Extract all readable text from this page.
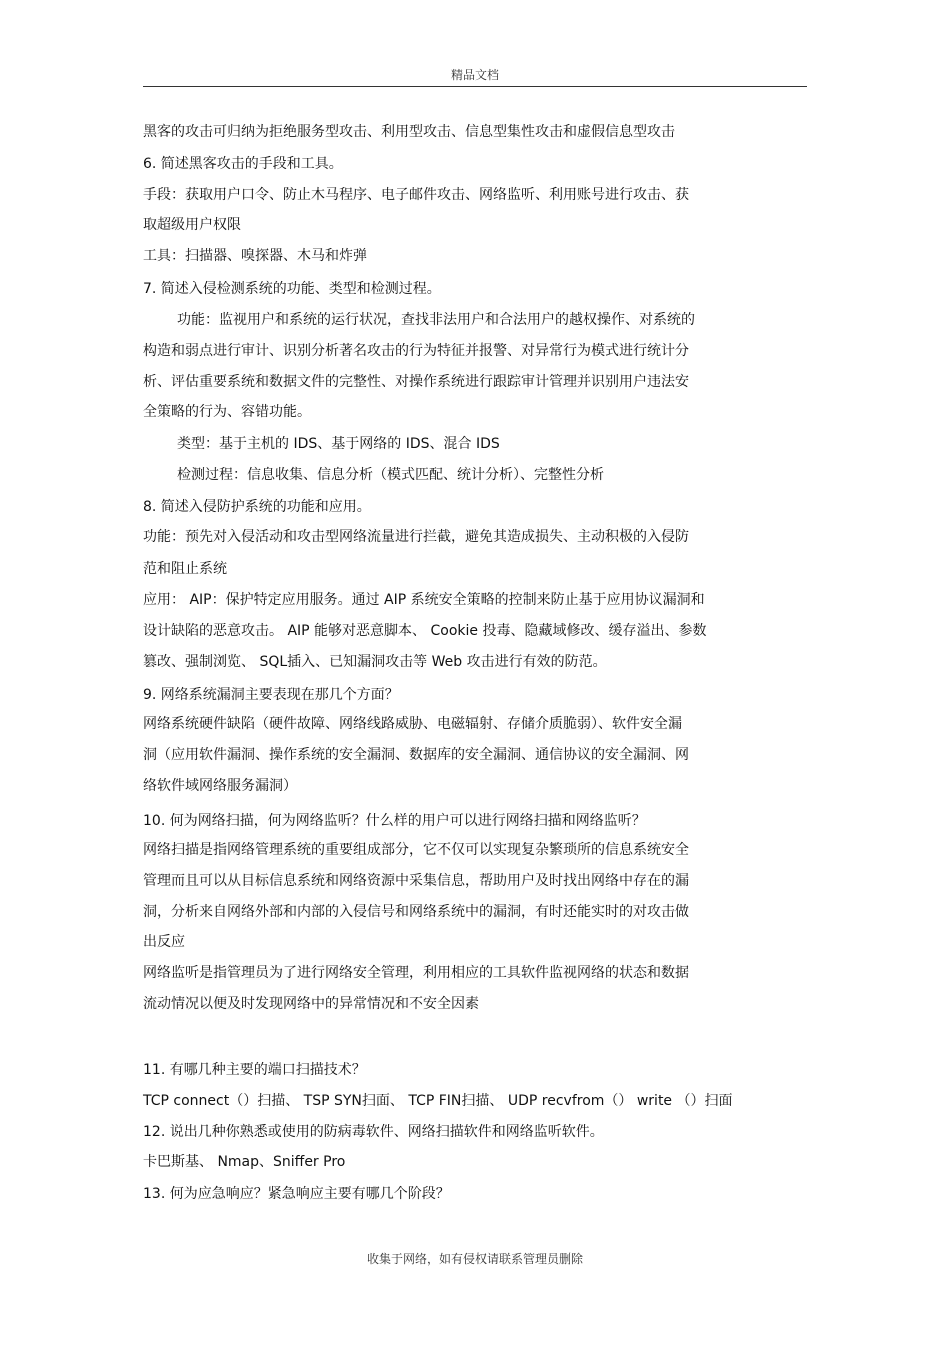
精品文档
黑客的攻击可归纳为拒绝服务型攻击、利用型攻击、信息型集性攻击和虚假信息型攻击
6. 简述黑客攻击的手段和工具。
手段：获取用户口令、防止木马程序、电子邮件攻击、网络监听、利用账号进行攻击、获
取超级用户权限
工具：扫描器、嗅探器、木马和炸弹
7. 简述入侵检测系统的功能、类型和检测过程。
功能：监视用户和系统的运行状况，查找非法用户和合法用户的越权操作、对系统的
构造和弱点进行审计、识别分析著名攻击的行为特征并报警、对异常行为模式进行统计分
析、评估重要系统和数据文件的完整性、对操作系统进行跟踪审计管理并识别用户违法安
全策略的行为、容错功能。
类型：基于主机的 IDS、基于网络的 IDS、混合 IDS
检测过程：信息收集、信息分析（模式匹配、统计分析）、完整性分析
8. 简述入侵防护系统的功能和应用。
功能：预先对入侵活动和攻击型网络流量进行拦截，避免其造成损失、主动积极的入侵防
范和阻止系统
应用： AIP：保护特定应用服务。通过 AIP 系统安全策略的控制来防止基于应用协议漏洞和
设计缺陷的恶意攻击。 AIP 能够对恶意脚本、 Cookie 投毒、隐藏域修改、缓存溢出、参数
篡改、强制浏览、 SQL插入、已知漏洞攻击等 Web 攻击进行有效的防范。
9. 网络系统漏洞主要表现在那几个方面？
网络系统硬件缺陷（硬件故障、网络线路威胁、电磁辐射、存储介质脆弱）、软件安全漏
洞（应用软件漏洞、操作系统的安全漏洞、数据库的安全漏洞、通信协议的安全漏洞、网
络软件域网络服务漏洞）
10. 何为网络扫描，何为网络监听？什么样的用户可以进行网络扫描和网络监听？
网络扫描是指网络管理系统的重要组成部分，它不仅可以实现复杂繁琐所的信息系统安全
管理而且可以从目标信息系统和网络资源中采集信息，帮助用户及时找出网络中存在的漏
洞，分析来自网络外部和内部的入侵信号和网络系统中的漏洞，有时还能实时的对攻击做
出反应
网络监听是指管理员为了进行网络安全管理，利用相应的工具软件监视网络的状态和数据
流动情况以便及时发现网络中的异常情况和不安全因素
11. 有哪几种主要的端口扫描技术？
TCP connect（）扫描、 TSP SYN扫面、 TCP FIN扫描、 UDP recvfrom（） write （）扫面
12. 说出几种你熟悉或使用的防病毒软件、网络扫描软件和网络监听软件。
卡巴斯基、 Nmap、Sniffer Pro
13. 何为应急响应？紧急响应主要有哪几个阶段？
收集于网络，如有侵权请联系管理员删除
